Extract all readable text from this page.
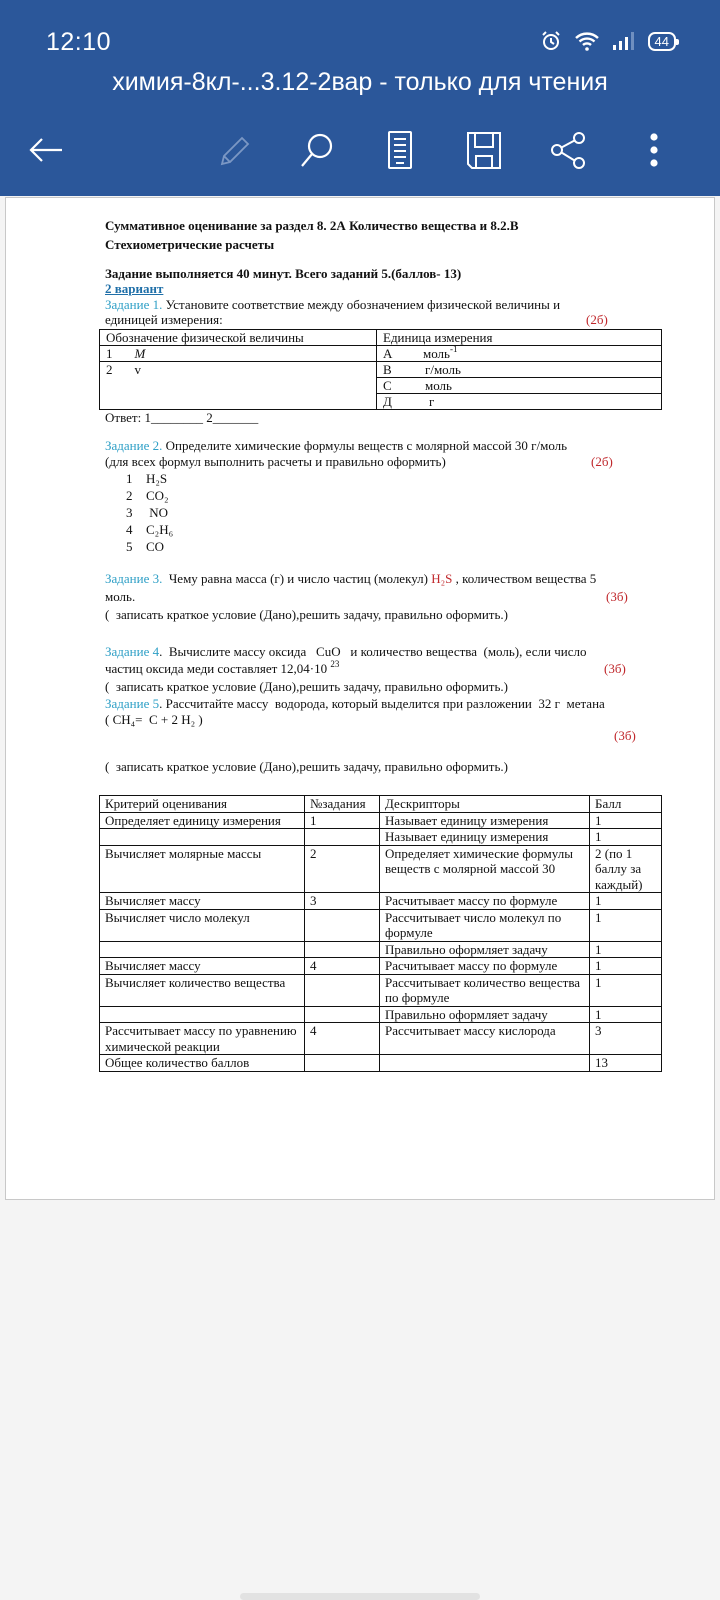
12:10	44
химия-8кл-...3.12-2вар - только для чтения
Суммативное оценивание за раздел 8. 2А Количество вещества и 8.2.В
Стехиометрические расчеты
Задание выполняется 40 минут. Всего заданий 5.(баллов- 13)
2 вариант
Задание 1. Установите соответствие между обозначением физической величины и
единицей измерения:	(2б)
Обозначение физической величины	Единица измерения
1 M	А моль$^{-1}$
2 v	В г/моль
	С моль
	Д г
Ответ: 1________ 2_______
Задание 2. Определите химические формулы веществ с молярной массой 30 г/моль
(для всех формул выполнить расчеты и правильно оформить)	(2б)
1 H₂S
2 CO₂
3 NO
4 C₂H₆
5 CO
Задание 3.  Чему равна масса (г) и число частиц (молекул) H₂S , количеством вещества 5
моль.	(3б)
(  записать краткое условие (Дано),решить задачу, правильно оформить.)
Задание 4.  Вычислите массу оксида   CuO   и количество вещества  (моль), если число
частиц оксида меди составляет 12,04·10 $^{23}$	(3б)
(  записать краткое условие (Дано),решить задачу, правильно оформить.)
Задание 5. Рассчитайте массу  водорода, который выделится при разложении  32 г  метана
( CH₄=  C + 2 H₂ )
(3б)
(  записать краткое условие (Дано),решить задачу, правильно оформить.)
Критерий оценивания	№задания	Дескрипторы	Балл
Определяет единицу измерения	1	Называет единицу измерения	1
		Называет единицу измерения	1
Вычисляет молярные массы	2	Определяет химические формулы веществ с молярной массой 30	2 (по 1 баллу за каждый)
Вычисляет массу	3	Расчитывает массу по формуле	1
Вычисляет число молекул		Рассчитывает число молекул по формуле	1
		Правильно оформляет задачу	1
Вычисляет массу	4	Расчитывает массу по формуле	1
Вычисляет количество вещества		Рассчитывает количество вещества по формуле	1
		Правильно оформляет задачу	1
Рассчитывает массу по уравнению химической реакции	4	Рассчитывает массу кислорода	3
Общее количество баллов			13
